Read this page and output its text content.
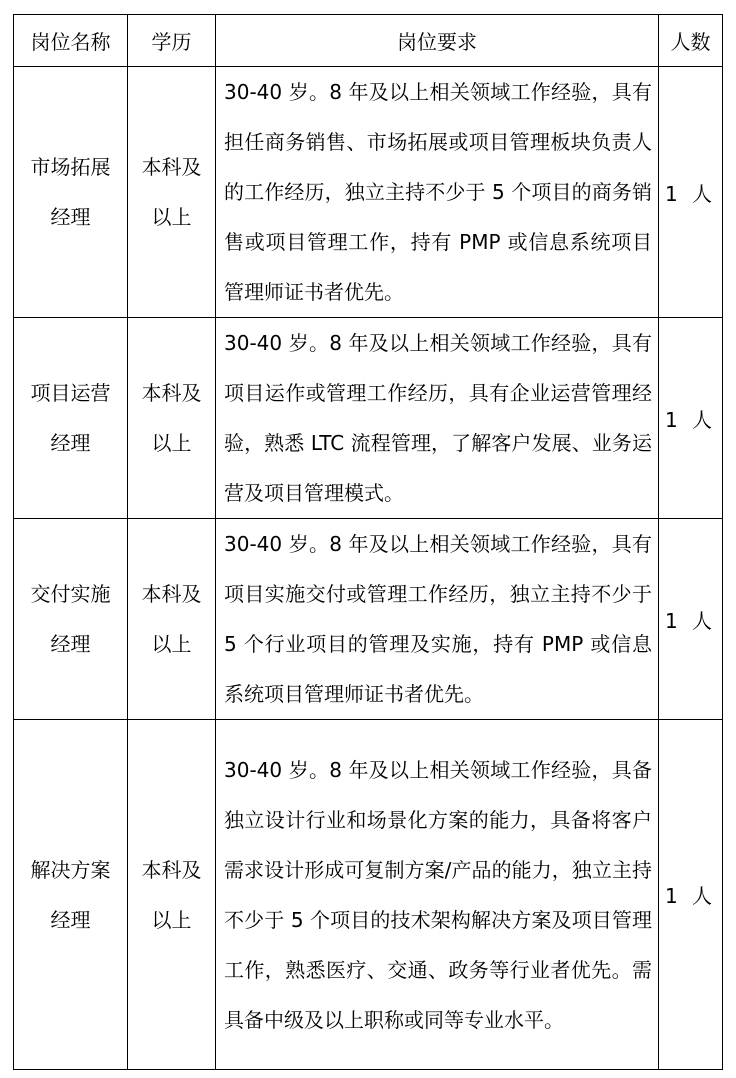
岗位名称	学历	岗位要求	人数

市场拓展经理	本科及以上	30-40 岁。8 年及以上相关领域工作经验，具有担任商务销售、市场拓展或项目管理板块负责人的工作经历，独立主持不少于 5 个项目的商务销售或项目管理工作，持有 PMP 或信息系统项目管理师证书者优先。	1 人

项目运营经理	本科及以上	30-40 岁。8 年及以上相关领域工作经验，具有项目运作或管理工作经历，具有企业运营管理经验，熟悉 LTC 流程管理，了解客户发展、业务运营及项目管理模式。	1 人

交付实施经理	本科及以上	30-40 岁。8 年及以上相关领域工作经验，具有项目实施交付或管理工作经历，独立主持不少于 5 个行业项目的管理及实施，持有 PMP 或信息系统项目管理师证书者优先。	1 人

解决方案经理	本科及以上	30-40 岁。8 年及以上相关领域工作经验，具备独立设计行业和场景化方案的能力，具备将客户需求设计形成可复制方案/产品的能力，独立主持不少于 5 个项目的技术架构解决方案及项目管理工作，熟悉医疗、交通、政务等行业者优先。需具备中级及以上职称或同等专业水平。	1 人
